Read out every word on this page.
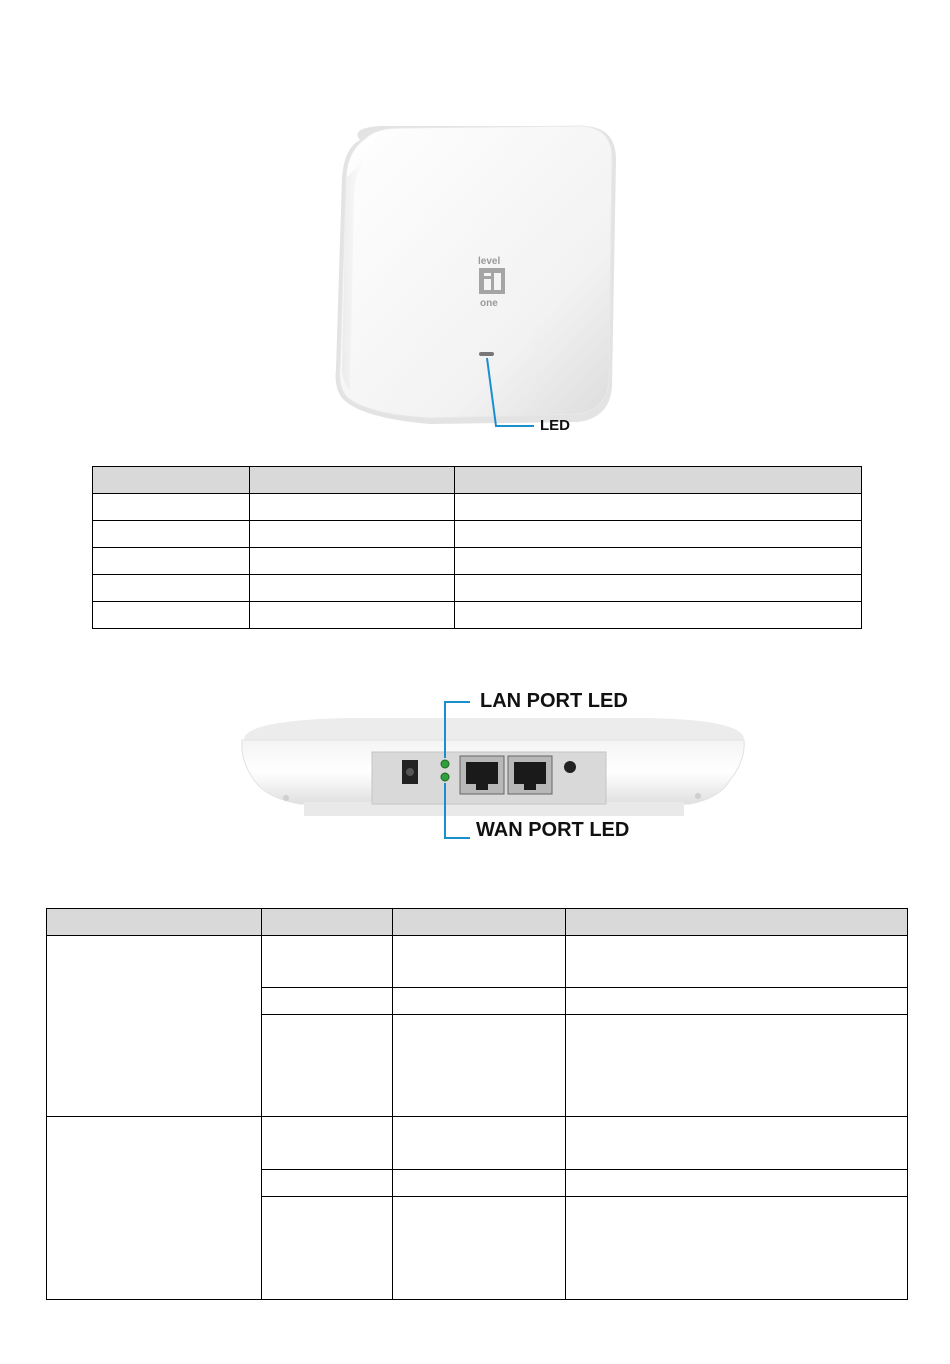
level
one
LED

LAN PORT LED
WAN PORT LED
